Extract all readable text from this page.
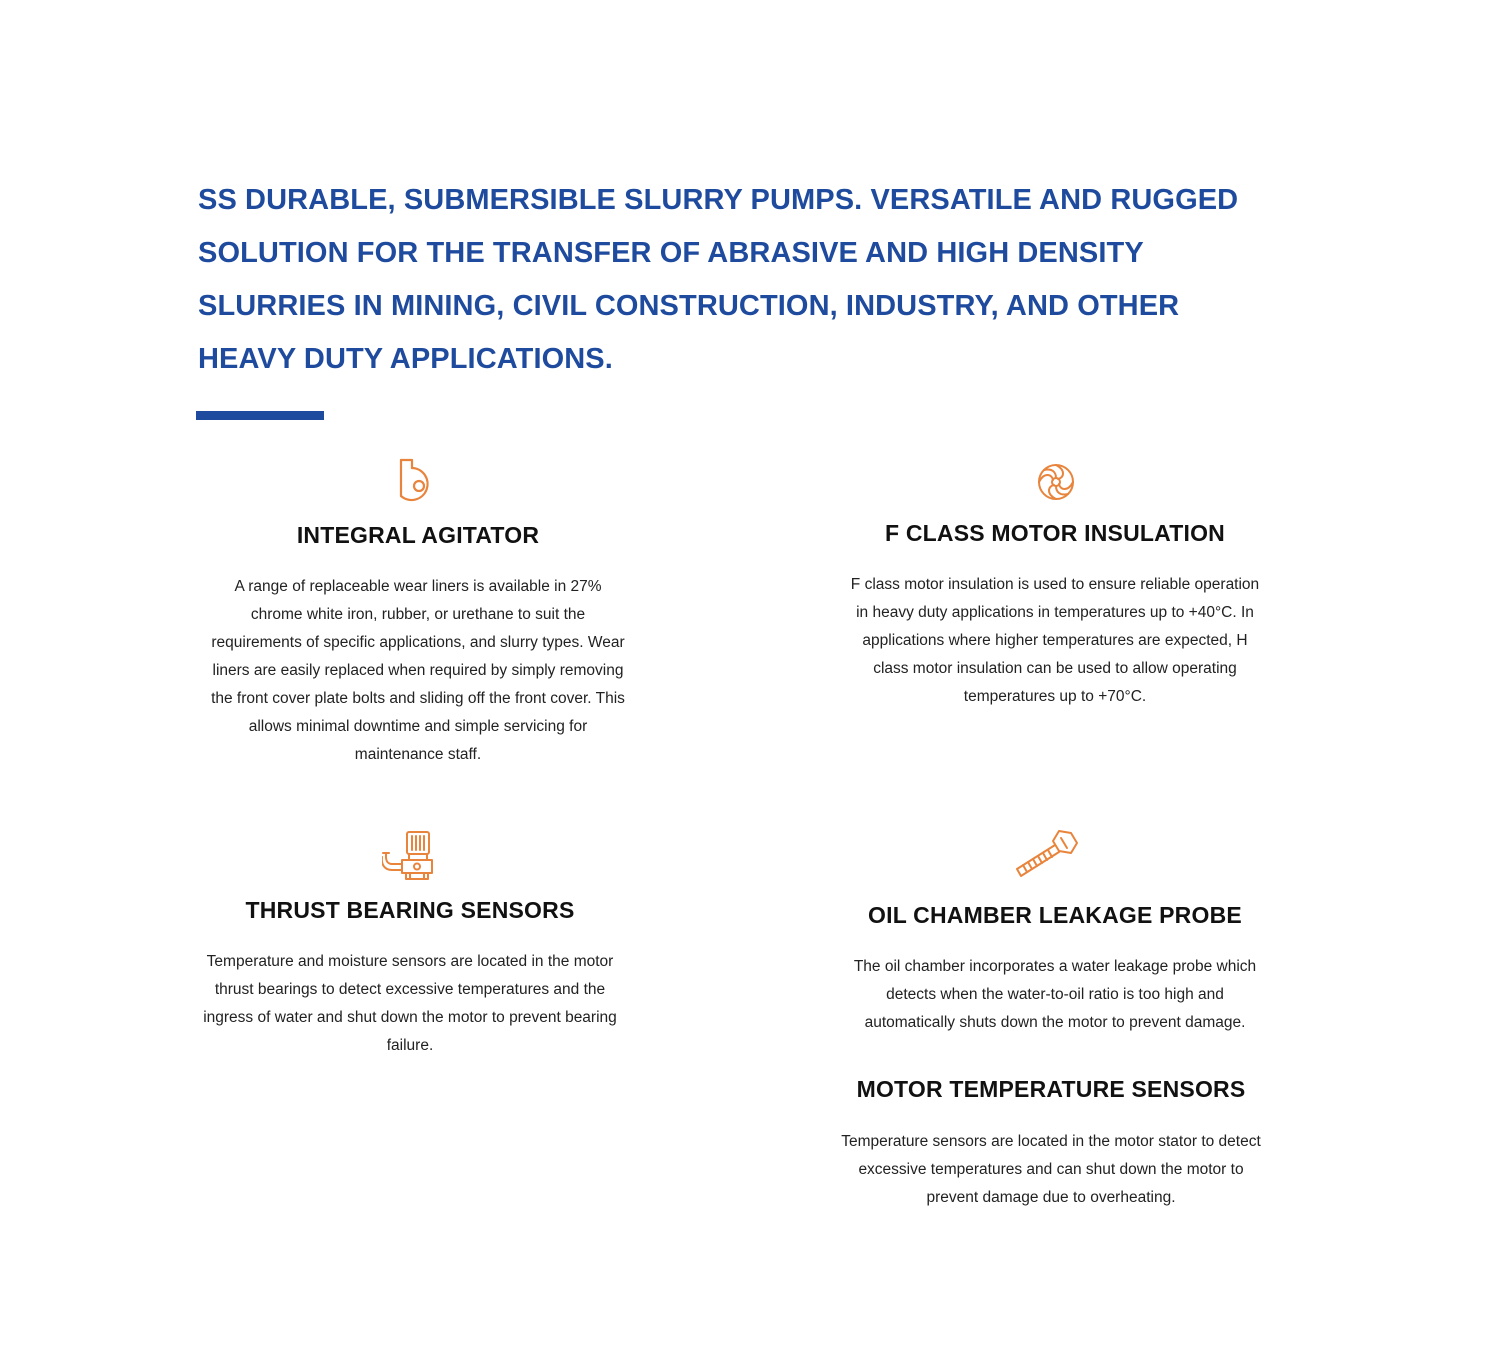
SS DURABLE, SUBMERSIBLE SLURRY PUMPS. VERSATILE AND RUGGED
SOLUTION FOR THE TRANSFER OF ABRASIVE AND HIGH DENSITY
SLURRIES IN MINING, CIVIL CONSTRUCTION, INDUSTRY, AND OTHER
HEAVY DUTY APPLICATIONS.
INTEGRAL AGITATOR

A range of replaceable wear liners is available in 27%
chrome white iron, rubber, or urethane to suit the
requirements of specific applications, and slurry types. Wear
liners are easily replaced when required by simply removing
the front cover plate bolts and sliding off the front cover. This
allows minimal downtime and simple servicing for
maintenance staff.

F CLASS MOTOR INSULATION

F class motor insulation is used to ensure reliable operation
in heavy duty applications in temperatures up to +40°C. In
applications where higher temperatures are expected, H
class motor insulation can be used to allow operating
temperatures up to +70°C.

THRUST BEARING SENSORS

Temperature and moisture sensors are located in the motor
thrust bearings to detect excessive temperatures and the
ingress of water and shut down the motor to prevent bearing
failure.

OIL CHAMBER LEAKAGE PROBE

The oil chamber incorporates a water leakage probe which
detects when the water-to-oil ratio is too high and
automatically shuts down the motor to prevent damage.

MOTOR TEMPERATURE SENSORS

Temperature sensors are located in the motor stator to detect
excessive temperatures and can shut down the motor to
prevent damage due to overheating.
